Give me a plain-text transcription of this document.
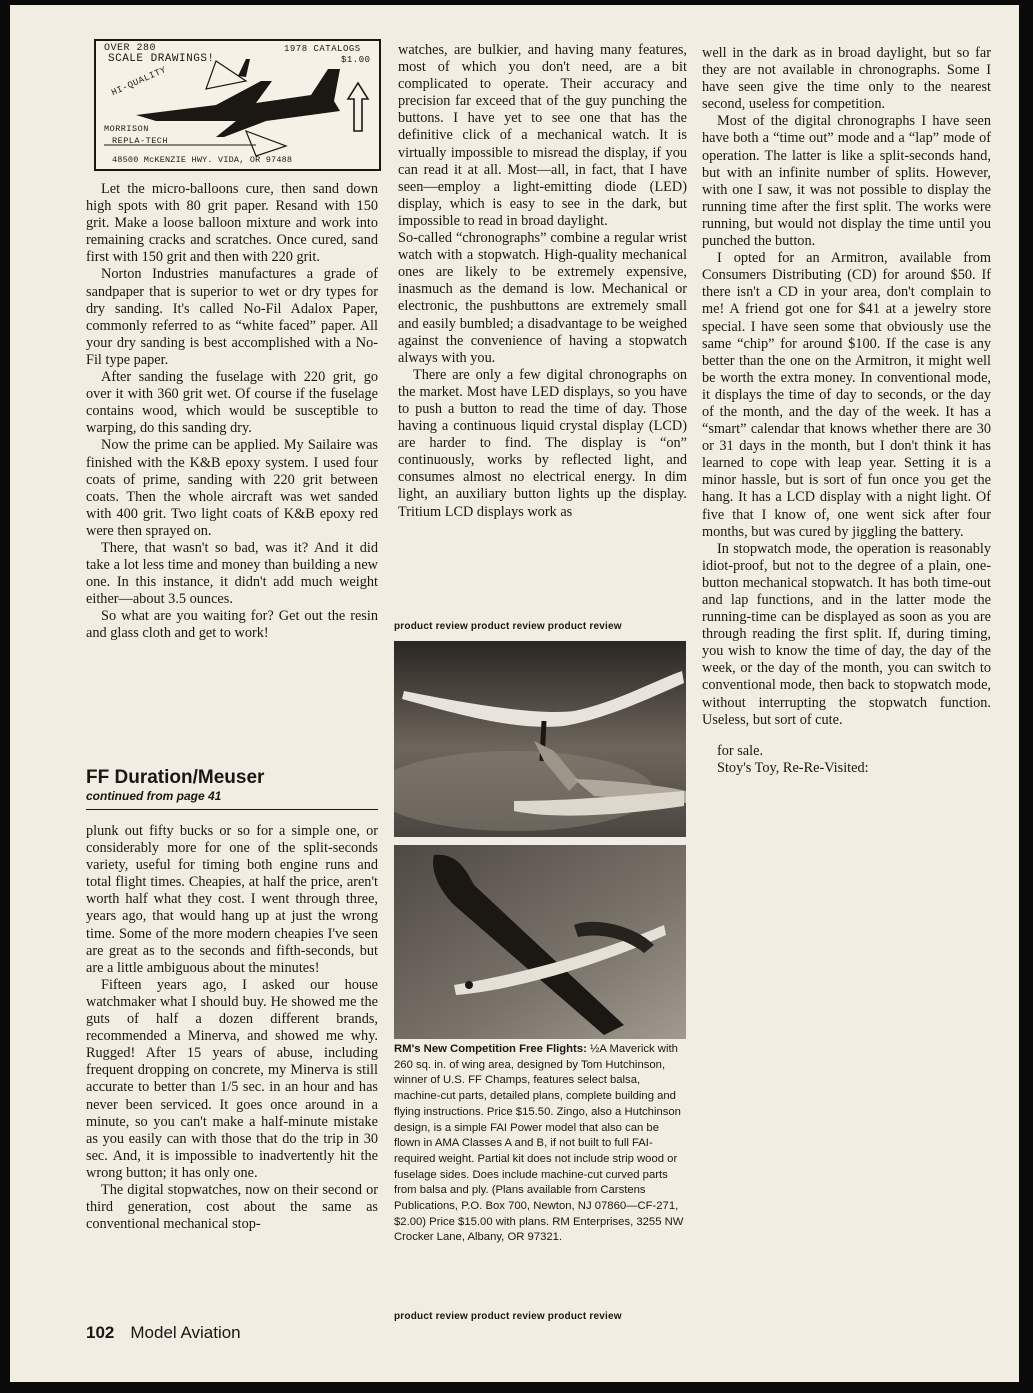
OVER 280
SCALE DRAWINGS!
1978 CATALOGS
$1.00
HI-QUALITY
MORRISON
REPLA-TECH
48500 McKENZIE HWY. VIDA, OR 97488

Let the micro-balloons cure, then sand down high spots with 80 grit paper. Resand with 150 grit. Make a loose balloon mixture and work into remaining cracks and scratches. Once cured, sand first with 150 grit and then with 220 grit.

Norton Industries manufactures a grade of sandpaper that is superior to wet or dry types for dry sanding. It's called No-Fil Adalox Paper, commonly referred to as “white faced” paper. All your dry sanding is best accomplished with a No-Fil type paper.

After sanding the fuselage with 220 grit, go over it with 360 grit wet. Of course if the fuselage contains wood, which would be susceptible to warping, do this sanding dry.

Now the prime can be applied. My Sailaire was finished with the K&B epoxy system. I used four coats of prime, sanding with 220 grit between coats. Then the whole aircraft was wet sanded with 400 grit. Two light coats of K&B epoxy red were then sprayed on.

There, that wasn't so bad, was it? And it did take a lot less time and money than building a new one. In this instance, it didn't add much weight either—about 3.5 ounces.

So what are you waiting for? Get out the resin and glass cloth and get to work!

FF Duration/Meuser
continued from page 41

plunk out fifty bucks or so for a simple one, or considerably more for one of the split-seconds variety, useful for timing both engine runs and total flight times. Cheapies, at half the price, aren't worth half what they cost. I went through three, years ago, that would hang up at just the wrong time. Some of the more modern cheapies I've seen are great as to the seconds and fifth-seconds, but are a little ambiguous about the minutes!

Fifteen years ago, I asked our house watchmaker what I should buy. He showed me the guts of half a dozen different brands, recommended a Minerva, and showed me why. Rugged! After 15 years of abuse, including frequent dropping on concrete, my Minerva is still accurate to better than 1/5 sec. in an hour and has never been serviced. It goes once around in a minute, so you can't make a half-minute mistake as you easily can with those that do the trip in 30 sec. And, it is impossible to inadvertently hit the wrong button; it has only one.

The digital stopwatches, now on their second or third generation, cost about the same as conventional mechanical stop-

watches, are bulkier, and having many features, most of which you don't need, are a bit complicated to operate. Their accuracy and precision far exceed that of the guy punching the buttons. I have yet to see one that has the definitive click of a mechanical watch. It is virtually impossible to misread the display, if you can read it at all. Most—all, in fact, that I have seen—employ a light-emitting diode (LED) display, which is easy to see in the dark, but impossible to read in broad daylight.

So-called “chronographs” combine a regular wrist watch with a stopwatch. High-quality mechanical ones are likely to be extremely expensive, inasmuch as the demand is low. Mechanical or electronic, the pushbuttons are extremely small and easily bumbled; a disadvantage to be weighed against the convenience of having a stopwatch always with you.

There are only a few digital chronographs on the market. Most have LED displays, so you have to push a button to read the time of day. Those having a continuous liquid crystal display (LCD) are harder to find. The display is “on” continuously, works by reflected light, and consumes almost no electrical energy. In dim light, an auxiliary button lights up the display. Tritium LCD displays work as

product review product review product review
RM's New Competition Free Flights: ½A Maverick with 260 sq. in. of wing area, designed by Tom Hutchinson, winner of U.S. FF Champs, features select balsa, machine-cut parts, detailed plans, complete building and flying instructions. Price $15.50. Zingo, also a Hutchinson design, is a simple FAI Power model that also can be flown in AMA Classes A and B, if not built to full FAI-required weight. Partial kit does not include strip wood or fuselage sides. Does include machine-cut curved parts from balsa and ply. (Plans available from Carstens Publications, P.O. Box 700, Newton, NJ 07860—CF-271, $2.00) Price $15.00 with plans. RM Enterprises, 3255 NW Crocker Lane, Albany, OR 97321.
product review product review product review

well in the dark as in broad daylight, but so far they are not available in chronographs. Some I have seen give the time only to the nearest second, useless for competition.

Most of the digital chronographs I have seen have both a “time out” mode and a “lap” mode of operation. The latter is like a split-seconds hand, but with an infinite number of splits. However, with one I saw, it was not possible to display the running time after the first split. The works were running, but would not display the time until you punched the button.

I opted for an Armitron, available from Consumers Distributing (CD) for around $50. If there isn't a CD in your area, don't complain to me! A friend got one for $41 at a jewelry store special. I have seen some that obviously use the same “chip” for around $100. If the case is any better than the one on the Armitron, it might well be worth the extra money. In conventional mode, it displays the time of day to seconds, or the day of the month, and the day of the week. It has a “smart” calendar that knows whether there are 30 or 31 days in the month, but I don't think it has learned to cope with leap year. Setting it is a minor hassle, but is sort of fun once you get the hang. It has a LCD display with a night light. Of five that I know of, one went sick after four months, but was cured by jiggling the battery.

In stopwatch mode, the operation is reasonably idiot-proof, but not to the degree of a plain, one-button mechanical stopwatch. It has both time-out and lap functions, and in the latter mode the running-time can be displayed as soon as you are through reading the first split. If, during timing, you wish to know the time of day, the day of the week, or the day of the month, you can switch to conventional mode, then back to stopwatch mode, without interrupting the stopwatch function. Useless, but sort of cute.

for sale.

Stoy's Toy, Re-Re-Visited:

102 Model Aviation
